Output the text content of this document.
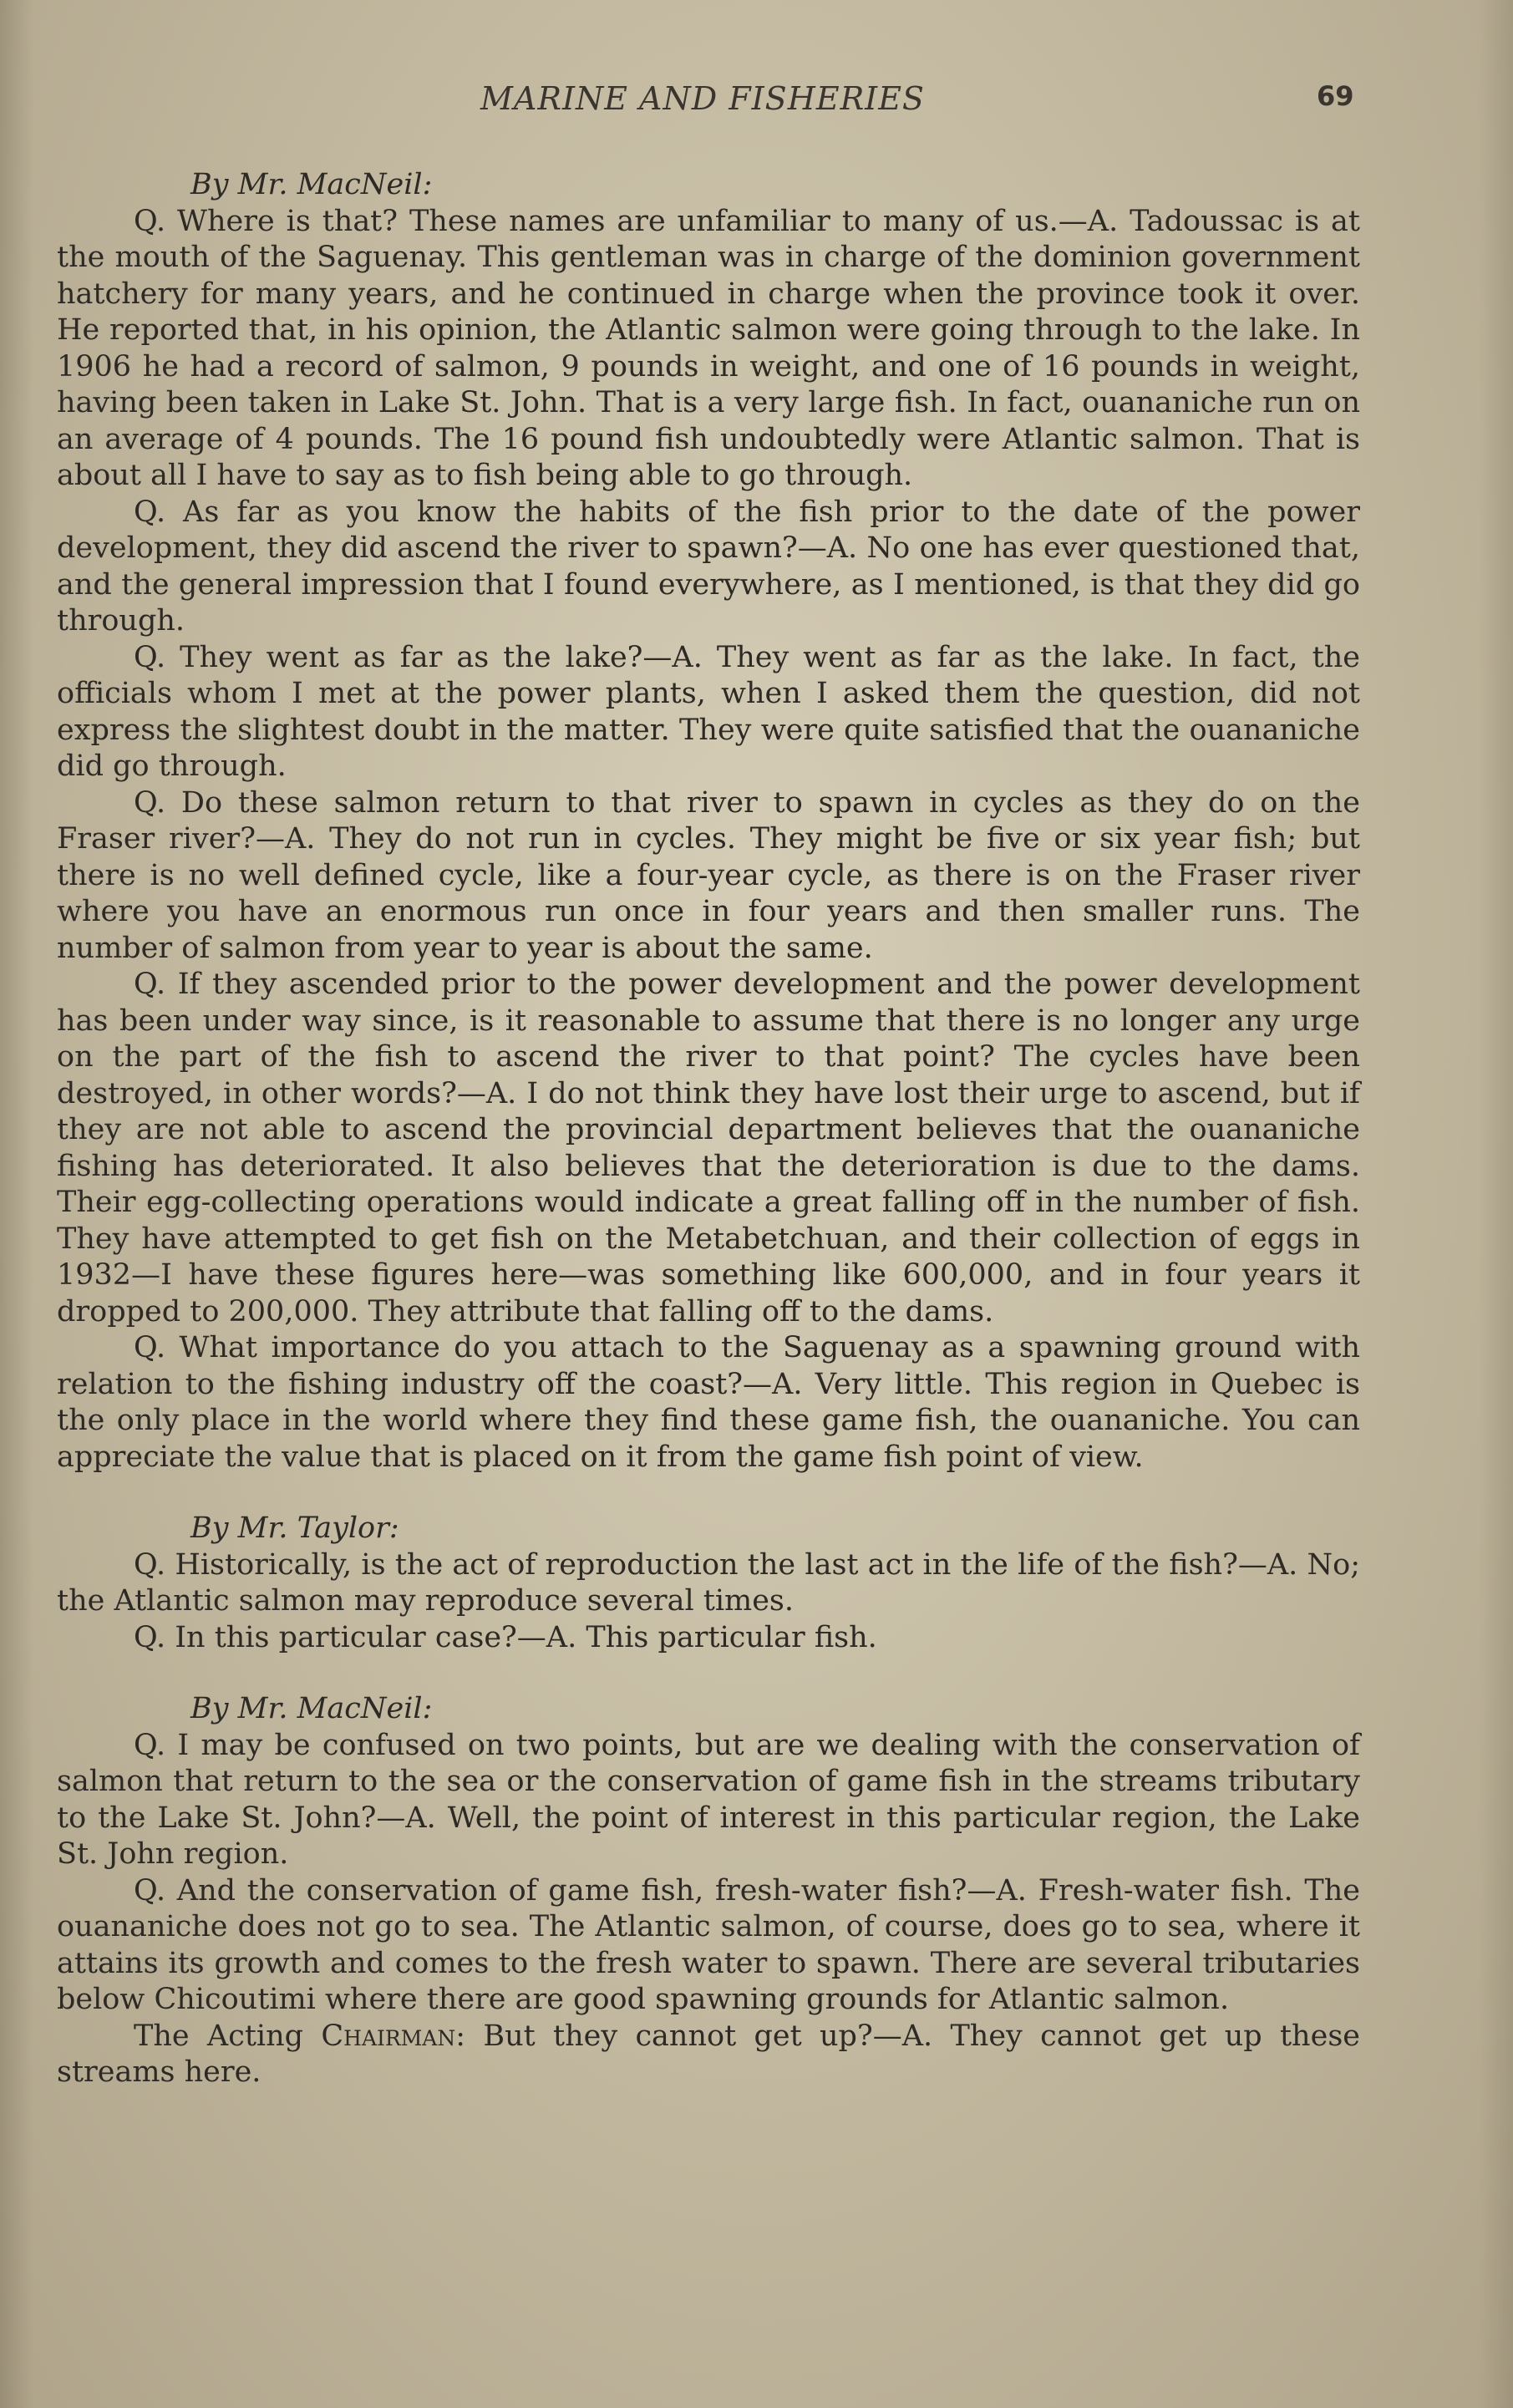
MARINE AND FISHERIES	69
By Mr. MacNeil:

Q. Where is that? These names are unfamiliar to many of us.—A. Tadoussac is at the mouth of the Saguenay. This gentleman was in charge of the dominion government hatchery for many years, and he continued in charge when the province took it over. He reported that, in his opinion, the Atlantic salmon were going through to the lake. In 1906 he had a record of salmon, 9 pounds in weight, and one of 16 pounds in weight, having been taken in Lake St. John. That is a very large fish. In fact, ouananiche run on an average of 4 pounds. The 16 pound fish undoubtedly were Atlantic salmon. That is about all I have to say as to fish being able to go through.

Q. As far as you know the habits of the fish prior to the date of the power development, they did ascend the river to spawn?—A. No one has ever questioned that, and the general impression that I found everywhere, as I mentioned, is that they did go through.

Q. They went as far as the lake?—A. They went as far as the lake. In fact, the officials whom I met at the power plants, when I asked them the question, did not express the slightest doubt in the matter. They were quite satisfied that the ouananiche did go through.

Q. Do these salmon return to that river to spawn in cycles as they do on the Fraser river?—A. They do not run in cycles. They might be five or six year fish; but there is no well defined cycle, like a four-year cycle, as there is on the Fraser river where you have an enormous run once in four years and then smaller runs. The number of salmon from year to year is about the same.

Q. If they ascended prior to the power development and the power development has been under way since, is it reasonable to assume that there is no longer any urge on the part of the fish to ascend the river to that point? The cycles have been destroyed, in other words?—A. I do not think they have lost their urge to ascend, but if they are not able to ascend the provincial department believes that the ouananiche fishing has deteriorated. It also believes that the deterioration is due to the dams. Their egg-collecting operations would indicate a great falling off in the number of fish. They have attempted to get fish on the Metabetchuan, and their collection of eggs in 1932—I have these figures here—was something like 600,000, and in four years it dropped to 200,000. They attribute that falling off to the dams.

Q. What importance do you attach to the Saguenay as a spawning ground with relation to the fishing industry off the coast?—A. Very little. This region in Quebec is the only place in the world where they find these game fish, the ouananiche. You can appreciate the value that is placed on it from the game fish point of view.

By Mr. Taylor:

Q. Historically, is the act of reproduction the last act in the life of the fish?—A. No; the Atlantic salmon may reproduce several times.

Q. In this particular case?—A. This particular fish.

By Mr. MacNeil:

Q. I may be confused on two points, but are we dealing with the conservation of salmon that return to the sea or the conservation of game fish in the streams tributary to the Lake St. John?—A. Well, the point of interest in this particular region, the Lake St. John region.

Q. And the conservation of game fish, fresh-water fish?—A. Fresh-water fish. The ouananiche does not go to sea. The Atlantic salmon, of course, does go to sea, where it attains its growth and comes to the fresh water to spawn. There are several tributaries below Chicoutimi where there are good spawning grounds for Atlantic salmon.

The Acting Chairman: But they cannot get up?—A. They cannot get up these streams here.
